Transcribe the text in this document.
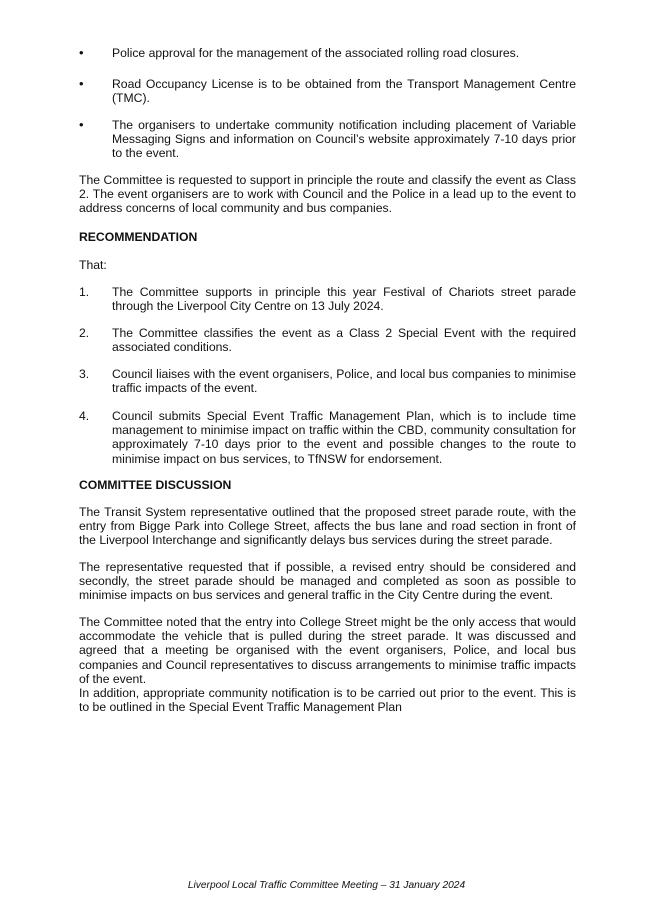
• Police approval for the management of the associated rolling road closures.

• Road Occupancy License is to be obtained from the Transport Management Centre (TMC).

• The organisers to undertake community notification including placement of Variable Messaging Signs and information on Council’s website approximately 7-10 days prior to the event.

The Committee is requested to support in principle the route and classify the event as Class 2. The event organisers are to work with Council and the Police in a lead up to the event to address concerns of local community and bus companies.

RECOMMENDATION

That:

1. The Committee supports in principle this year Festival of Chariots street parade through the Liverpool City Centre on 13 July 2024.

2. The Committee classifies the event as a Class 2 Special Event with the required associated conditions.

3. Council liaises with the event organisers, Police, and local bus companies to minimise traffic impacts of the event.

4. Council submits Special Event Traffic Management Plan, which is to include time management to minimise impact on traffic within the CBD, community consultation for approximately 7-10 days prior to the event and possible changes to the route to minimise impact on bus services, to TfNSW for endorsement.

COMMITTEE DISCUSSION

The Transit System representative outlined that the proposed street parade route, with the entry from Bigge Park into College Street, affects the bus lane and road section in front of the Liverpool Interchange and significantly delays bus services during the street parade.

The representative requested that if possible, a revised entry should be considered and secondly, the street parade should be managed and completed as soon as possible to minimise impacts on bus services and general traffic in the City Centre during the event.

The Committee noted that the entry into College Street might be the only access that would accommodate the vehicle that is pulled during the street parade. It was discussed and agreed that a meeting be organised with the event organisers, Police, and local bus companies and Council representatives to discuss arrangements to minimise traffic impacts of the event.

In addition, appropriate community notification is to be carried out prior to the event. This is to be outlined in the Special Event Traffic Management Plan

Liverpool Local Traffic Committee Meeting – 31 January 2024
